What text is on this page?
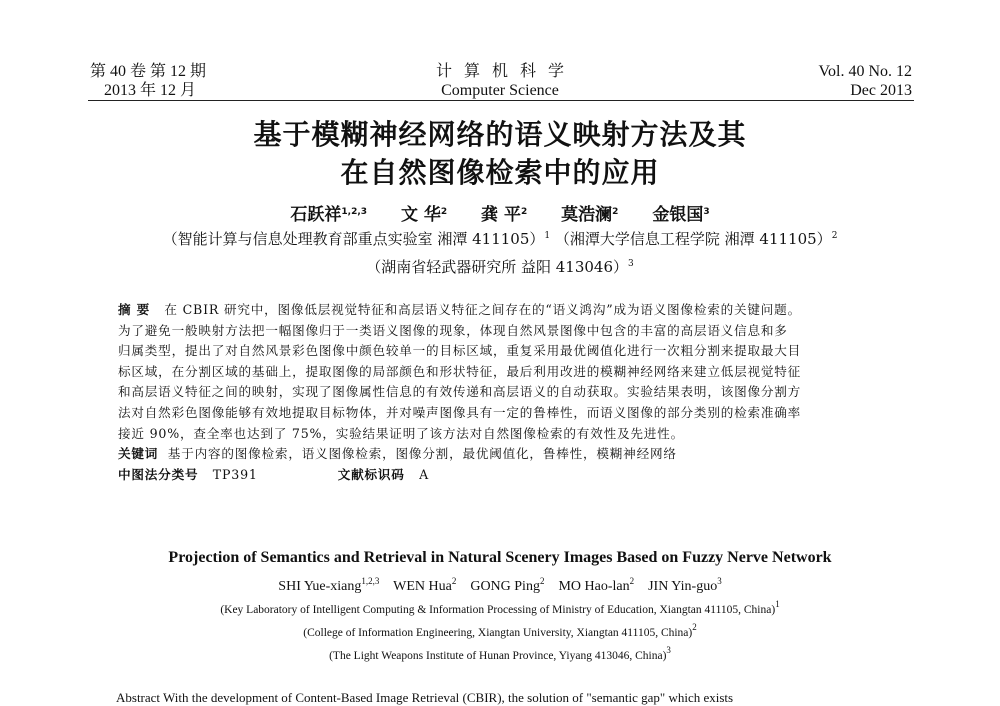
第 40 卷 第 12 期
2013 年 12 月
计算机科学
Computer Science
Vol. 40 No. 12
Dec 2013
基于模糊神经网络的语义映射方法及其
在自然图像检索中的应用
石跃祥$^{1,2,3}$ 文 华$^2$ 龚 平$^2$ 莫浩澜$^2$ 金银国$^3$
（智能计算与信息处理教育部重点实验室 湘潭 411105）$^1$ （湘潭大学信息工程学院 湘潭 411105）$^2$
（湖南省轻武器研究所 益阳 413046）$^3$
摘 要 在 CBIR 研究中，图像低层视觉特征和高层语义特征之间存在的“语义鸿沟”成为语义图像检索的关键问题。
为了避免一般映射方法把一幅图像归于一类语义图像的现象，体现自然风景图像中包含的丰富的高层语义信息和多
归属类型，提出了对自然风景彩色图像中颜色较单一的目标区域，重复采用最优阈值化进行一次粗分割来提取最大目
标区域，在分割区域的基础上，提取图像的局部颜色和形状特征，最后利用改进的模糊神经网络来建立低层视觉特征
和高层语义特征之间的映射，实现了图像属性信息的有效传递和高层语义的自动获取。实验结果表明，该图像分割方
法对自然彩色图像能够有效地提取目标物体，并对噪声图像具有一定的鲁棒性，而语义图像的部分类别的检索准确率
接近 90%，查全率也达到了 75%，实验结果证明了该方法对自然图像检索的有效性及先进性。
关键词 基于内容的图像检索，语义图像检索，图像分割，最优阈值化，鲁棒性，模糊神经网络
中图法分类号 TP391	文献标识码 A
Projection of Semantics and Retrieval in Natural Scenery Images Based on Fuzzy Nerve Network
SHI Yue-xiang$^{1,2,3}$ WEN Hua$^2$ GONG Ping$^2$ MO Hao-lan$^2$ JIN Yin-guo$^3$
(Key Laboratory of Intelligent Computing & Information Processing of Ministry of Education, Xiangtan 411105, China)$^1$
(College of Information Engineering, Xiangtan University, Xiangtan 411105, China)$^2$
(The Light Weapons Institute of Hunan Province, Yiyang 413046, China)$^3$
Abstract With the development of Content-Based Image Retrieval (CBIR), the solution of "semantic gap" which exists
